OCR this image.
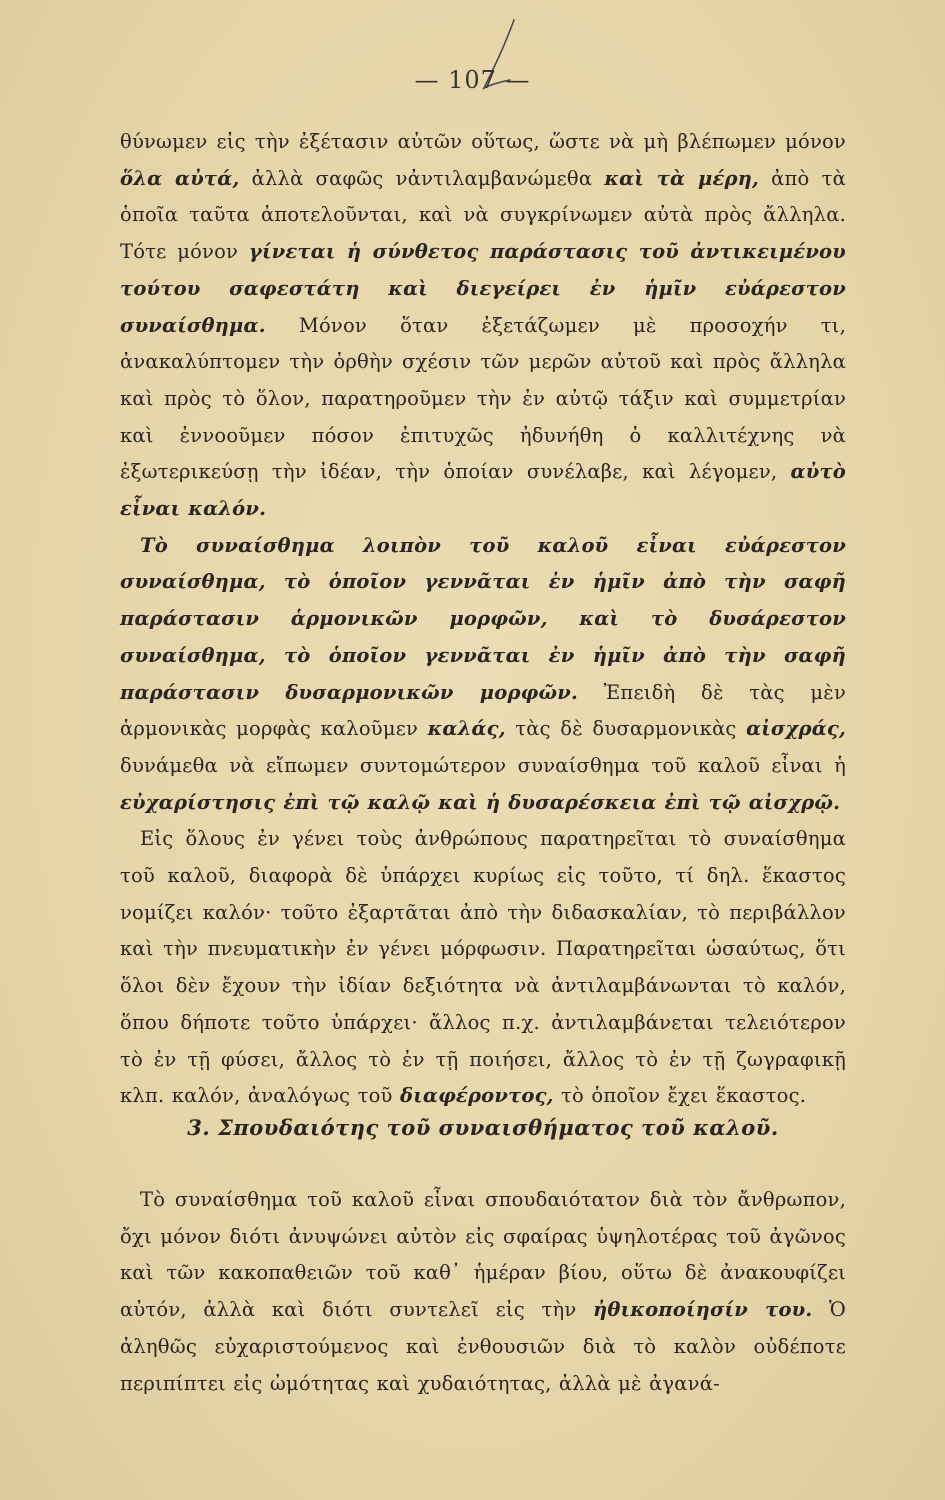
— 107 —

θύνωμεν εἰς τὴν ἐξέτασιν αὐτῶν οὕτως, ὥστε νὰ μὴ βλέπωμεν μόνον ὅλα αὐτά, ἀλλὰ σαφῶς νἀντιλαμβανώμεθα καὶ τὰ μέρη, ἀπὸ τὰ ὁποῖα ταῦτα ἀποτελοῦνται, καὶ νὰ συγκρίνωμεν αὐτὰ πρὸς ἄλληλα. Τότε μόνον γίνεται ἡ σύνθετος παράστασις τοῦ ἀντικειμένου τούτου σαφεστάτη καὶ διεγείρει ἐν ἡμῖν εὐάρεστον συναίσθημα. Μόνον ὅταν ἐξετάζωμεν μὲ προσοχήν τι, ἀνακαλύπτομεν τὴν ὀρθὴν σχέσιν τῶν μερῶν αὐτοῦ καὶ πρὸς ἄλληλα καὶ πρὸς τὸ ὅλον, παρατηροῦμεν τὴν ἐν αὐτῷ τάξιν καὶ συμμετρίαν καὶ ἐννοοῦμεν πόσον ἐπιτυχῶς ἠδυνήθη ὁ καλλιτέχνης νὰ ἐξωτερικεύσῃ τὴν ἰδέαν, τὴν ὁποίαν συνέλαβε, καὶ λέγομεν, αὐτὸ εἶναι καλόν.

Τὸ συναίσθημα λοιπὸν τοῦ καλοῦ εἶναι εὐάρεστον συναίσθημα, τὸ ὁποῖον γεννᾶται ἐν ἡμῖν ἀπὸ τὴν σαφῆ παράστασιν ἁρμονικῶν μορφῶν, καὶ τὸ δυσάρεστον συναίσθημα, τὸ ὁποῖον γεννᾶται ἐν ἡμῖν ἀπὸ τὴν σαφῆ παράστασιν δυσαρμονικῶν μορφῶν. Ἐπειδὴ δὲ τὰς μὲν ἁρμονικὰς μορφὰς καλοῦμεν καλάς, τὰς δὲ δυσαρμονικὰς αἰσχράς, δυνάμεθα νὰ εἴπωμεν συντομώτερον συναίσθημα τοῦ καλοῦ εἶναι ἡ εὐχαρίστησις ἐπὶ τῷ καλῷ καὶ ἡ δυσαρέσκεια ἐπὶ τῷ αἰσχρῷ.

Εἰς ὅλους ἐν γένει τοὺς ἀνθρώπους παρατηρεῖται τὸ συναίσθημα τοῦ καλοῦ, διαφορὰ δὲ ὑπάρχει κυρίως εἰς τοῦτο, τί δηλ. ἕκαστος νομίζει καλόν· τοῦτο ἐξαρτᾶται ἀπὸ τὴν διδασκαλίαν, τὸ περιβάλλον καὶ τὴν πνευματικὴν ἐν γένει μόρφωσιν. Παρατηρεῖται ὡσαύτως, ὅτι ὅλοι δὲν ἔχουν τὴν ἰδίαν δεξιότητα νὰ ἀντιλαμβάνωνται τὸ καλόν, ὅπου δήποτε τοῦτο ὑπάρχει· ἄλλος π.χ. ἀντιλαμβάνεται τελειότερον τὸ ἐν τῇ φύσει, ἄλλος τὸ ἐν τῇ ποιήσει, ἄλλος τὸ ἐν τῇ ζωγραφικῇ κλπ. καλόν, ἀναλόγως τοῦ διαφέροντος, τὸ ὁποῖον ἔχει ἕκαστος.

3. Σπουδαιότης τοῦ συναισθήματος τοῦ καλοῦ.

Τὸ συναίσθημα τοῦ καλοῦ εἶναι σπουδαιότατον διὰ τὸν ἄνθρωπον, ὄχι μόνον διότι ἀνυψώνει αὐτὸν εἰς σφαίρας ὑψηλοτέρας τοῦ ἀγῶνος καὶ τῶν κακοπαθειῶν τοῦ καθ᾽ ἡμέραν βίου, οὕτω δὲ ἀνακουφίζει αὐτόν, ἀλλὰ καὶ διότι συντελεῖ εἰς τὴν ἠθικοποίησίν του. Ὁ ἀληθῶς εὐχαριστούμενος καὶ ἐνθουσιῶν διὰ τὸ καλὸν οὐδέποτε περιπίπτει εἰς ὠμότητας καὶ χυδαιότητας, ἀλλὰ μὲ ἀγανά-
